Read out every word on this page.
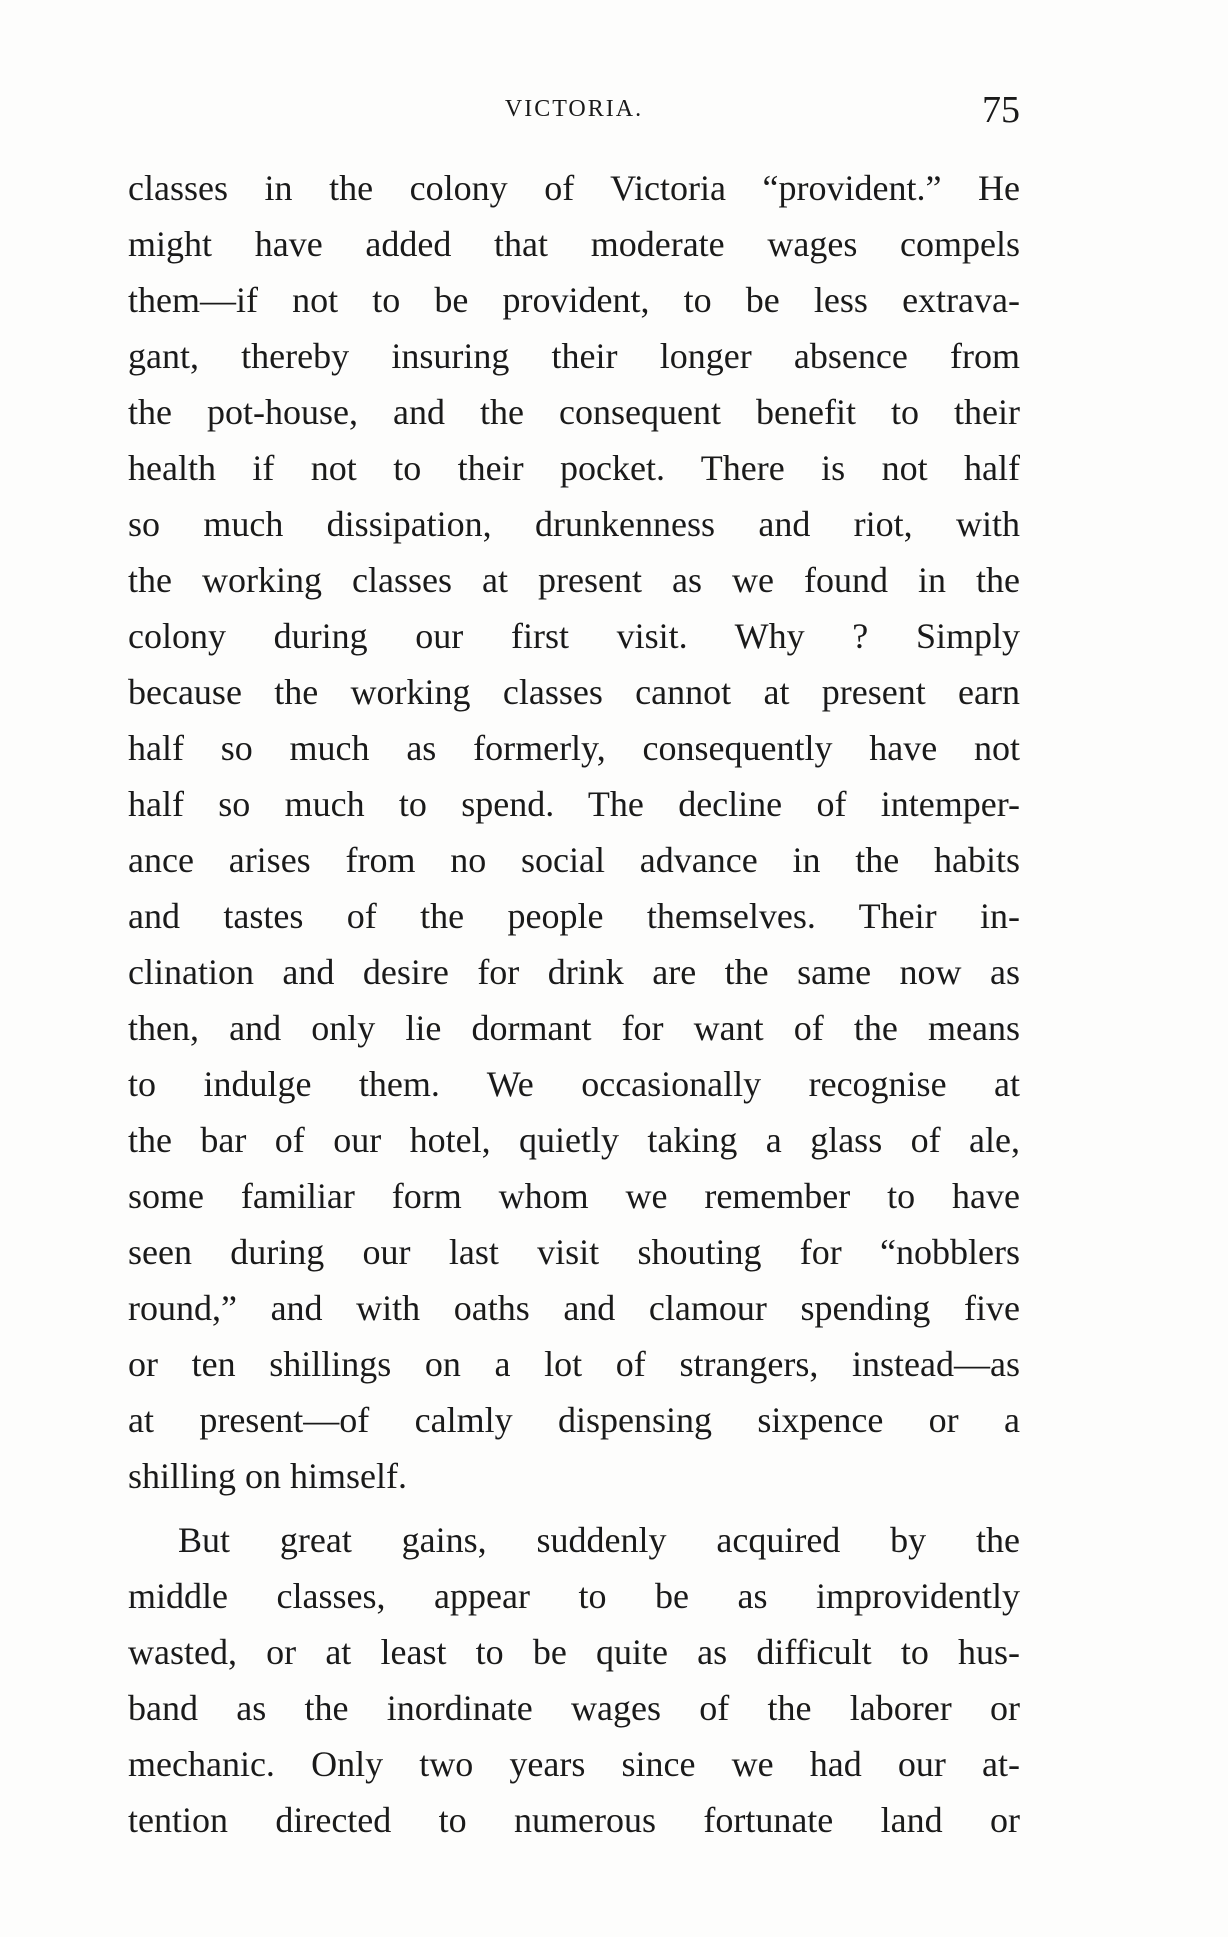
VICTORIA.	75
classes in the colony of Victoria “provident.” He
might have added that moderate wages compels
them—if not to be provident, to be less extrava-
gant, thereby insuring their longer absence from
the pot-house, and the consequent benefit to their
health if not to their pocket. There is not half
so much dissipation, drunkenness and riot, with
the working classes at present as we found in the
colony during our first visit. Why ? Simply
because the working classes cannot at present earn
half so much as formerly, consequently have not
half so much to spend. The decline of intemper-
ance arises from no social advance in the habits
and tastes of the people themselves. Their in-
clination and desire for drink are the same now as
then, and only lie dormant for want of the means
to indulge them. We occasionally recognise at
the bar of our hotel, quietly taking a glass of ale,
some familiar form whom we remember to have
seen during our last visit shouting for “nobblers
round,” and with oaths and clamour spending five
or ten shillings on a lot of strangers, instead—as
at present—of calmly dispensing sixpence or a
shilling on himself.
But great gains, suddenly acquired by the
middle classes, appear to be as improvidently
wasted, or at least to be quite as difficult to hus-
band as the inordinate wages of the laborer or
mechanic. Only two years since we had our at-
tention directed to numerous fortunate land or
